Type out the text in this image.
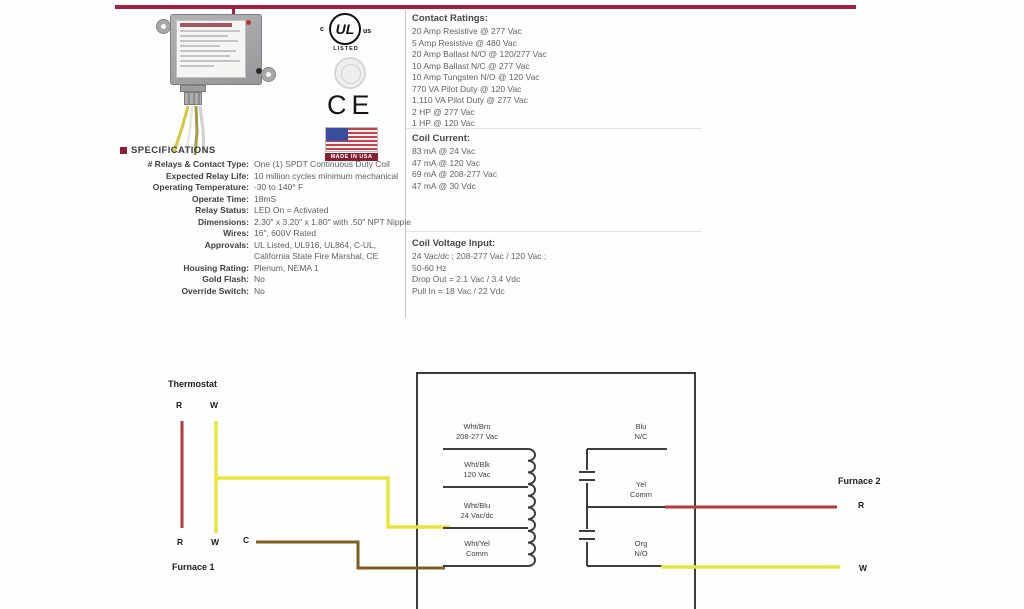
c UL	us
LISTED
CE
MADE IN USA
Contact Ratings:
20 Amp Resistive @ 277 Vac
5 Amp Resistive @ 480 Vac
20 Amp Ballast N/O @ 120/277 Vac
10 Amp Ballast N/C @ 277 Vac
10 Amp Tungsten N/O @ 120 Vac
770 VA Pilot Duty @ 120 Vac
1,110 VA Pilot Duty @ 277 Vac
2 HP @ 277 Vac
1 HP @ 120 Vac
Coil Current:
83 mA @ 24 Vac
47 mA @ 120 Vac
69 mA @ 208-277 Vac
47 mA @ 30 Vdc
Coil Voltage Input:
24 Vac/dc ; 208-277 Vac / 120 Vac ;
50-60 Hz
Drop Out = 2.1 Vac / 3.4 Vdc
Pull In = 18 Vac / 22 Vdc
SPECIFICATIONS
# Relays & Contact Type: One (1) SPDT Continuous Duty Coil
Expected Relay Life: 10 million cycles minimum mechanical
Operating Temperature: -30 to 140° F
Operate Time: 18mS
Relay Status: LED On = Activated
Dimensions: 2.30" x 3.20" x 1.80" with .50" NPT Nipple
Wires: 16", 600V Rated
Approvals: UL Listed, UL916, UL864, C-UL,
California State Fire Marshal, CE
Housing Rating: Plenum, NEMA 1
Gold Flash: No
Override Switch: No
Thermostat
R	W
R	W	C
Furnace 1
Wht/Brn
208-277 Vac
Wht/Blk
120 Vac
Wht/Blu
24 Vac/dc
Wht/Yel
Comm
Blu
N/C
Yel
Comm
Org
N/O
Furnace 2
R
W
